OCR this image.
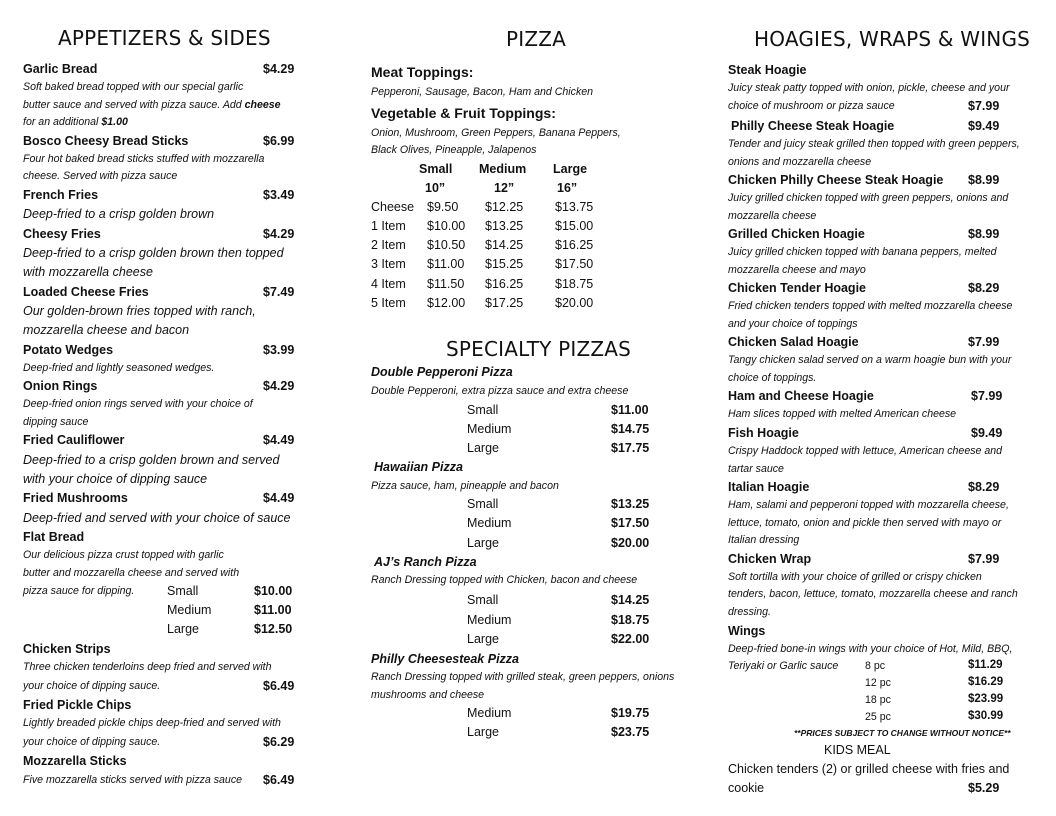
APPETIZERS & SIDES
Garlic Bread	$4.29
Soft baked bread topped with our special garlic
butter sauce and served with pizza sauce. Add cheese
for an additional $1.00
Bosco Cheesy Bread Sticks	$6.99
Four hot baked bread sticks stuffed with mozzarella
cheese. Served with pizza sauce
French Fries	$3.49
Deep-fried to a crisp golden brown
Cheesy Fries	$4.29
Deep-fried to a crisp golden brown then topped
with mozzarella cheese
Loaded Cheese Fries	$7.49
Our golden-brown fries topped with ranch,
mozzarella cheese and bacon
Potato Wedges	$3.99
Deep-fried and lightly seasoned wedges.
Onion Rings	$4.29
Deep-fried onion rings served with your choice of
dipping sauce
Fried Cauliflower	$4.49
Deep-fried to a crisp golden brown and served
with your choice of dipping sauce
Fried Mushrooms	$4.49
Deep-fried and served with your choice of sauce
Flat Bread
Our delicious pizza crust topped with garlic
butter and mozzarella cheese and served with
pizza sauce for dipping.	Small	$10.00
Medium	$11.00
Large	$12.50
Chicken Strips
Three chicken tenderloins deep fried and served with
your choice of dipping sauce.	$6.49
Fried Pickle Chips
Lightly breaded pickle chips deep-fried and served with
your choice of dipping sauce.	$6.29
Mozzarella Sticks
Five mozzarella sticks served with pizza sauce $6.49
PIZZA
Meat Toppings:
Pepperoni, Sausage, Bacon, Ham and Chicken
Vegetable & Fruit Toppings:
Onion, Mushroom, Green Peppers, Banana Peppers,
Black Olives, Pineapple, Jalapenos
Small Medium Large
10”	12”	16”
Cheese $9.50 $12.25	$13.75
1 Item $10.00 $13.25	$15.00
2 Item $10.50 $14.25	$16.25
3 Item $11.00 $15.25	$17.50
4 Item $11.50 $16.25	$18.75
5 Item $12.00 $17.25	$20.00
SPECIALTY PIZZAS
Double Pepperoni Pizza
Double Pepperoni, extra pizza sauce and extra cheese
Small	$11.00
Medium	$14.75
Large	$17.75
Hawaiian Pizza
Pizza sauce, ham, pineapple and bacon
Small	$13.25
Medium	$17.50
Large	$20.00
AJ’s Ranch Pizza
Ranch Dressing topped with Chicken, bacon and cheese
Small	$14.25
Medium	$18.75
Large	$22.00
Philly Cheesesteak Pizza
Ranch Dressing topped with grilled steak, green peppers, onions
mushrooms and cheese
Medium	$19.75
Large	$23.75
HOAGIES, WRAPS & WINGS
Steak Hoagie
Juicy steak patty topped with onion, pickle, cheese and your
choice of mushroom or pizza sauce	$7.99
Philly Cheese Steak Hoagie	$9.49
Tender and juicy steak grilled then topped with green peppers,
onions and mozzarella cheese
Chicken Philly Cheese Steak Hoagie $8.99
Juicy grilled chicken topped with green peppers, onions and
mozzarella cheese
Grilled Chicken Hoagie	$8.99
Juicy grilled chicken topped with banana peppers, melted
mozzarella cheese and mayo
Chicken Tender Hoagie	$8.29
Fried chicken tenders topped with melted mozzarella cheese
and your choice of toppings
Chicken Salad Hoagie	$7.99
Tangy chicken salad served on a warm hoagie bun with your
choice of toppings.
Ham and Cheese Hoagie	$7.99
Ham slices topped with melted American cheese
Fish Hoagie	$9.49
Crispy Haddock topped with lettuce, American cheese and
tartar sauce
Italian Hoagie	$8.29
Ham, salami and pepperoni topped with mozzarella cheese,
lettuce, tomato, onion and pickle then served with mayo or
Italian dressing
Chicken Wrap	$7.99
Soft tortilla with your choice of grilled or crispy chicken
tenders, bacon, lettuce, tomato, mozzarella cheese and ranch
dressing.
Wings
Deep-fried bone-in wings with your choice of Hot, Mild, BBQ,
Teriyaki or Garlic sauce	8 pc	$11.29
12 pc	$16.29
18 pc	$23.99
25 pc	$30.99
**PRICES SUBJECT TO CHANGE WITHOUT NOTICE**
KIDS MEAL
Chicken tenders (2) or grilled cheese with fries and
cookie	$5.29
